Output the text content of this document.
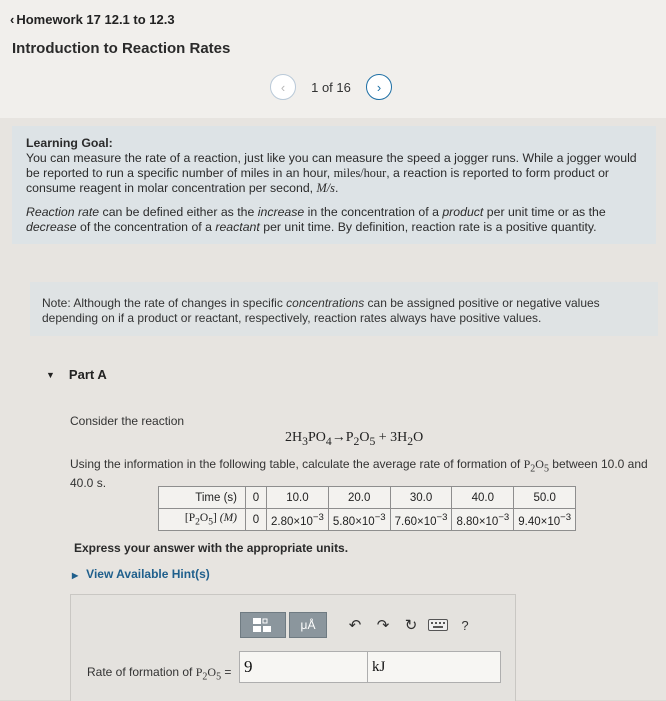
‹ Homework 17 12.1 to 12.3
Introduction to Reaction Rates
‹	1 of 16	›

Learning Goal:
You can measure the rate of a reaction, just like you can measure the speed a jogger runs. While a jogger would be reported to run a specific number of miles in an hour, miles/hour, a reaction is reported to form product or consume reagent in molar concentration per second, M/s.

Reaction rate can be defined either as the increase in the concentration of a product per unit time or as the decrease of the concentration of a reactant per unit time. By definition, reaction rate is a positive quantity.

Note: Although the rate of changes in specific concentrations can be assigned positive or negative values depending on if a product or reactant, respectively, reaction rates always have positive values.
▼ Part A
Consider the reaction
$2H_3PO_4\to P_2O_5 + 3H_2O$
Using the information in the following table, calculate the average rate of formation of $P_2O_5$ between 10.0 and 40.0 s.
Time (s)	0	10.0	20.0	30.0	40.0	50.0
$[P_2O_5]$ (M)	0	$2.80\times 10^{-3}$	$5.80\times 10^{-3}$	$7.60\times 10^{-3}$	$8.80\times 10^{-3}$	$9.40\times 10^{-3}$
Express your answer with the appropriate units.
▶ View Available Hint(s)
μÅ	↶ ↷ ↻	?
Rate of formation of $P_2O_5 = 9$	kJ
